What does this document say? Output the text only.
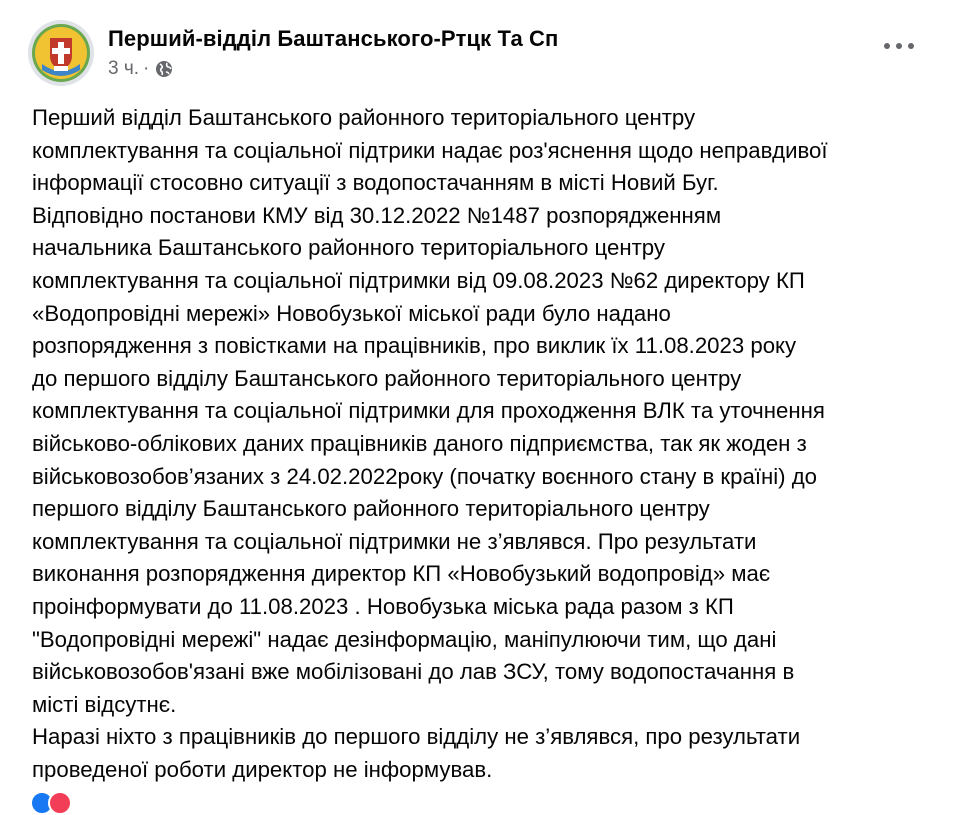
Перший-відділ Баштанського-Ртцк Та Сп
3 ч. ·
Перший відділ Баштанського районного територіального центру
комплектування та соціальної підтрики надає роз'яснення щодо неправдивої
інформації стосовно ситуації з водопостачанням в місті Новий Буг.
Відповідно постанови КМУ від 30.12.2022 №1487 розпорядженням
начальника Баштанського районного територіального центру
комплектування та соціальної підтримки від 09.08.2023 №62 директору КП
«Водопровідні мережі» Новобузької міської ради було надано
розпорядження з повістками на працівників, про виклик їх 11.08.2023 року
до першого відділу Баштанського районного територіального центру
комплектування та соціальної підтримки для проходження ВЛК та уточнення
військово-облікових даних працівників даного підприємства, так як жоден з
військовозобов’язаних з 24.02.2022року (початку воєнного стану в країні) до
першого відділу Баштанського районного територіального центру
комплектування та соціальної підтримки не з’являвся. Про результати
виконання розпорядження директор КП «Новобузький водопровід» має
проінформувати до 11.08.2023 . Новобузька міська рада разом з КП
"Водопровідні мережі" надає дезінформацію, маніпулюючи тим, що дані
військовозобов'язані вже мобілізовані до лав ЗСУ, тому водопостачання в
місті відсутнє.
Наразі ніхто з працівників до першого відділу не з’являвся, про результати
проведеної роботи директор не інформував.
